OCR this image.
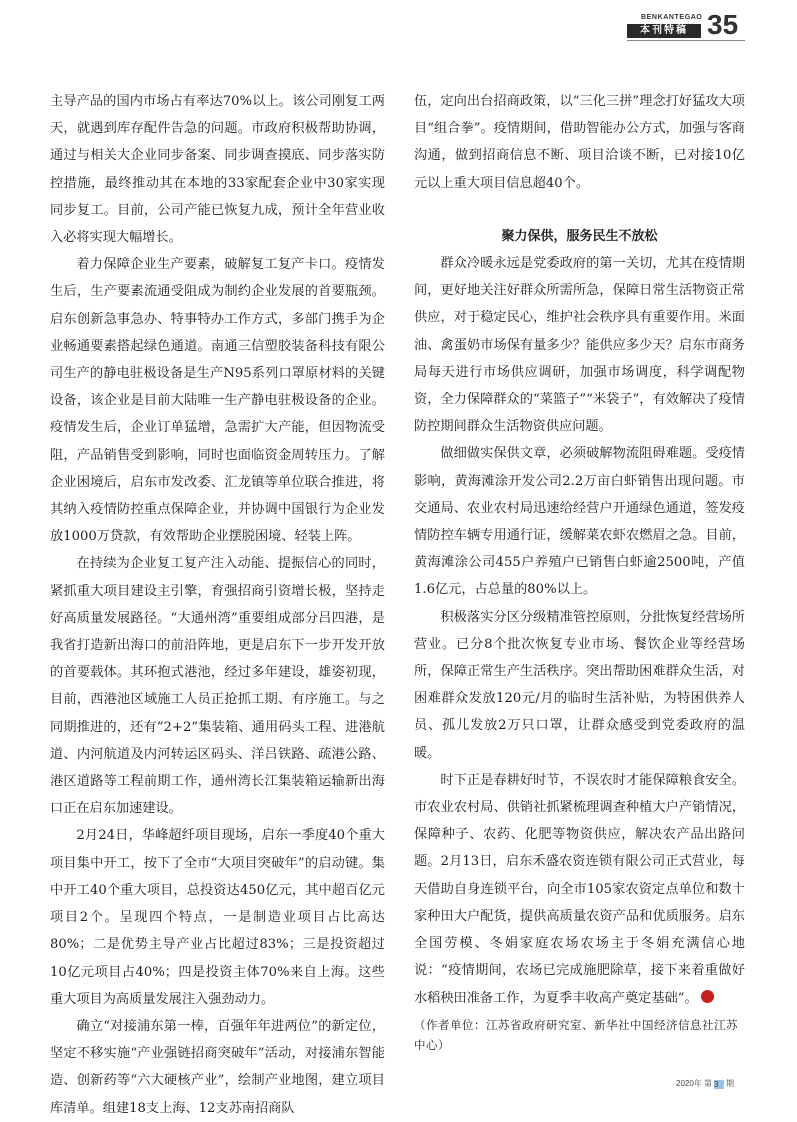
BENKANTEGAO
本刊特稿 35

主导产品的国内市场占有率达70%以上。该公司刚复工两天，就遇到库存配件告急的问题。市政府积极帮助协调，通过与相关大企业同步备案、同步调查摸底、同步落实防控措施，最终推动其在本地的33家配套企业中30家实现同步复工。目前，公司产能已恢复九成，预计全年营业收入必将实现大幅增长。

着力保障企业生产要素，破解复工复产卡口。疫情发生后，生产要素流通受阻成为制约企业发展的首要瓶颈。启东创新急事急办、特事特办工作方式，多部门携手为企业畅通要素搭起绿色通道。南通三信塑胶装备科技有限公司生产的静电驻极设备是生产N95系列口罩原材料的关键设备，该企业是目前大陆唯一生产静电驻极设备的企业。疫情发生后，企业订单猛增，急需扩大产能，但因物流受阻，产品销售受到影响，同时也面临资金周转压力。了解企业困境后，启东市发改委、汇龙镇等单位联合推进，将其纳入疫情防控重点保障企业，并协调中国银行为企业发放1000万贷款，有效帮助企业摆脱困境、轻装上阵。

在持续为企业复工复产注入动能、提振信心的同时，紧抓重大项目建设主引擎，育强招商引资增长极，坚持走好高质量发展路径。“大通州湾”重要组成部分吕四港，是我省打造新出海口的前沿阵地，更是启东下一步开发开放的首要载体。其环抱式港池，经过多年建设，雄姿初现，目前，西港池区域施工人员正抢抓工期、有序施工。与之同期推进的，还有“2+2”集装箱、通用码头工程、进港航道、内河航道及内河转运区码头、洋吕铁路、疏港公路、港区道路等工程前期工作，通州湾长江集装箱运输新出海口正在启东加速建设。

2月24日，华峰超纤项目现场，启东一季度40个重大项目集中开工，按下了全市“大项目突破年”的启动键。集中开工40个重大项目，总投资达450亿元，其中超百亿元项目2个。呈现四个特点，一是制造业项目占比高达80%；二是优势主导产业占比超过83%；三是投资超过10亿元项目占40%；四是投资主体70%来自上海。这些重大项目为高质量发展注入强劲动力。

确立“对接浦东第一棒，百强年年进两位”的新定位，坚定不移实施“产业强链招商突破年”活动，对接浦东智能造、创新药等“六大硬核产业”，绘制产业地图，建立项目库清单。组建18支上海、12支苏南招商队

伍，定向出台招商政策，以“三化三拼”理念打好猛攻大项目“组合拳”。疫情期间，借助智能办公方式，加强与客商沟通，做到招商信息不断、项目洽谈不断，已对接10亿元以上重大项目信息超40个。

聚力保供，服务民生不放松

群众冷暖永远是党委政府的第一关切，尤其在疫情期间，更好地关注好群众所需所急，保障日常生活物资正常供应，对于稳定民心，维护社会秩序具有重要作用。米面油、禽蛋奶市场保有量多少？能供应多少天？启东市商务局每天进行市场供应调研，加强市场调度，科学调配物资，全力保障群众的“菜篮子”“米袋子”，有效解决了疫情防控期间群众生活物资供应问题。

做细做实保供文章，必须破解物流阻碍难题。受疫情影响，黄海滩涂开发公司2.2万亩白虾销售出现问题。市交通局、农业农村局迅速给经营户开通绿色通道，签发疫情防控车辆专用通行证，缓解菜农虾农燃眉之急。目前，黄海滩涂公司455户养殖户已销售白虾逾2500吨，产值1.6亿元，占总量的80%以上。

积极落实分区分级精准管控原则，分批恢复经营场所营业。已分8个批次恢复专业市场、餐饮企业等经营场所，保障正常生产生活秩序。突出帮助困难群众生活，对困难群众发放120元/月的临时生活补贴，为特困供养人员、孤儿发放2万只口罩，让群众感受到党委政府的温暖。

时下正是春耕好时节，不误农时才能保障粮食安全。市农业农村局、供销社抓紧梳理调查种植大户产销情况，保障种子、农药、化肥等物资供应，解决农产品出路问题。2月13日，启东禾盛农资连锁有限公司正式营业，每天借助自身连锁平台，向全市105家农资定点单位和数十家种田大户配货，提供高质量农资产品和优质服务。启东全国劳模、冬娟家庭农场农场主于冬娟充满信心地说：“疫情期间，农场已完成施肥除草，接下来着重做好水稻秧田准备工作，为夏季丰收高产奠定基础”。

（作者单位：江苏省政府研究室、新华社中国经济信息社江苏中心）
2020年 第 3 期
